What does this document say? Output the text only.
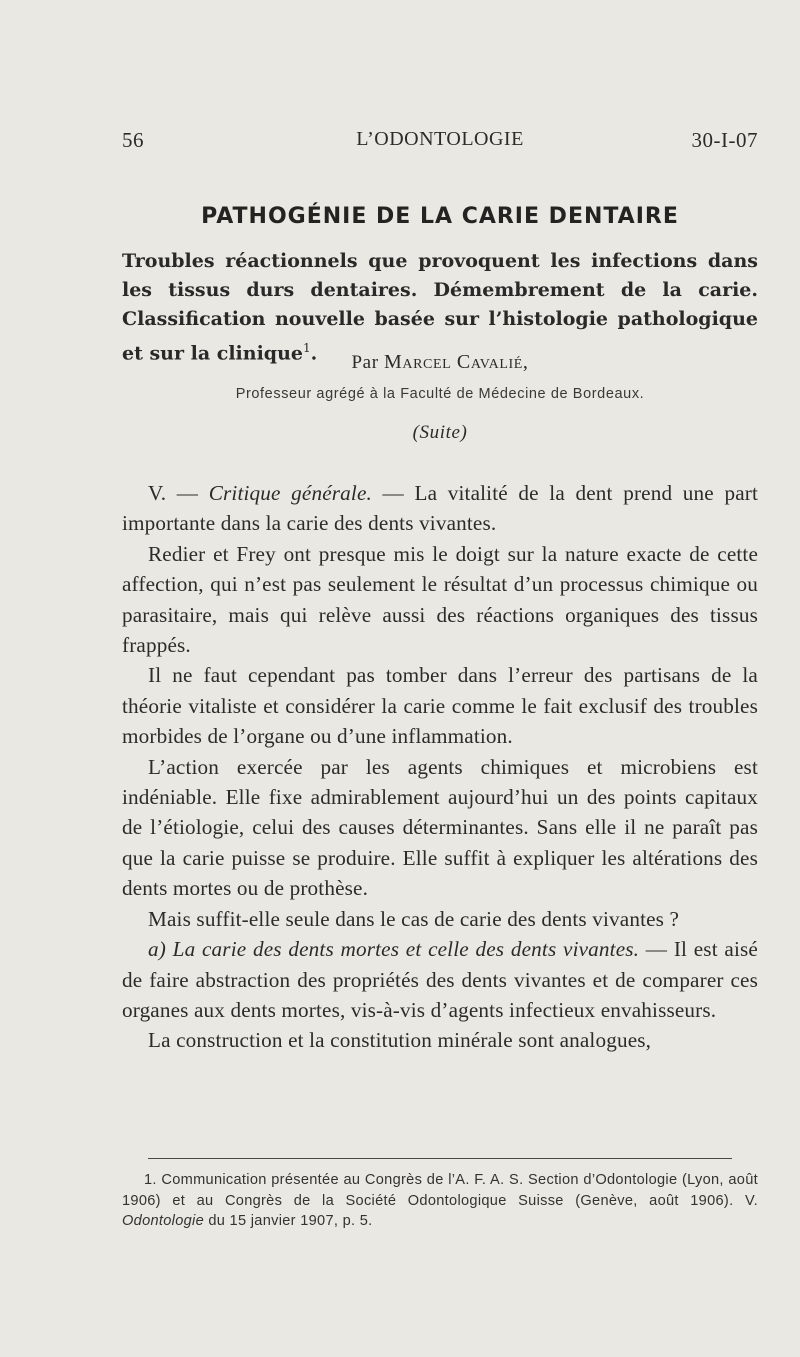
56	L’ODONTOLOGIE	30-I-07
PATHOGÉNIE DE LA CARIE DENTAIRE
Troubles réactionnels que provoquent les infections dans les tissus durs dentaires. Démembrement de la carie. Classification nouvelle basée sur l’histologie pathologique et sur la clinique$^1$.	Par Marcel Cavalié,
Professeur agrégé à la Faculté de Médecine de Bordeaux.
(Suite)

V. — Critique générale. — La vitalité de la dent prend une part importante dans la carie des dents vivantes.

Redier et Frey ont presque mis le doigt sur la nature exacte de cette affection, qui n’est pas seulement le résultat d’un processus chimique ou parasitaire, mais qui relève aussi des réactions organiques des tissus frappés.

Il ne faut cependant pas tomber dans l’erreur des partisans de la théorie vitaliste et considérer la carie comme le fait exclusif des troubles morbides de l’organe ou d’une inflammation.

L’action exercée par les agents chimiques et microbiens est indéniable. Elle fixe admirablement aujourd’hui un des points capitaux de l’étiologie, celui des causes déterminantes. Sans elle il ne paraît pas que la carie puisse se produire. Elle suffit à expliquer les altérations des dents mortes ou de prothèse.

Mais suffit-elle seule dans le cas de carie des dents vivantes ?

a) La carie des dents mortes et celle des dents vivantes. — Il est aisé de faire abstraction des propriétés des dents vivantes et de comparer ces organes aux dents mortes, vis-à-vis d’agents infectieux envahisseurs.

La construction et la constitution minérale sont analogues,

1. Communication présentée au Congrès de l’A. F. A. S. Section d’Odontologie (Lyon, août 1906) et au Congrès de la Société Odontologique Suisse (Genève, août 1906). V. Odontologie du 15 janvier 1907, p. 5.
